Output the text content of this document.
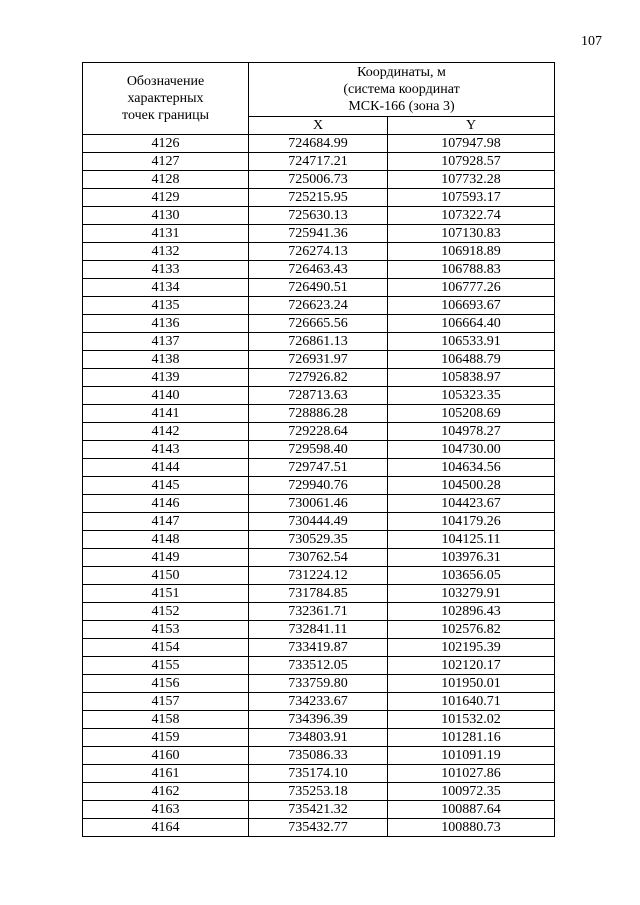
107
Обозначение
характерных
точек границы	Координаты, м
(система координат
МСК-166 (зона 3)	

	X	Y
4126	724684.99	107947.98
4127	724717.21	107928.57
4128	725006.73	107732.28
4129	725215.95	107593.17
4130	725630.13	107322.74
4131	725941.36	107130.83
4132	726274.13	106918.89
4133	726463.43	106788.83
4134	726490.51	106777.26
4135	726623.24	106693.67
4136	726665.56	106664.40
4137	726861.13	106533.91
4138	726931.97	106488.79
4139	727926.82	105838.97
4140	728713.63	105323.35
4141	728886.28	105208.69
4142	729228.64	104978.27
4143	729598.40	104730.00
4144	729747.51	104634.56
4145	729940.76	104500.28
4146	730061.46	104423.67
4147	730444.49	104179.26
4148	730529.35	104125.11
4149	730762.54	103976.31
4150	731224.12	103656.05
4151	731784.85	103279.91
4152	732361.71	102896.43
4153	732841.11	102576.82
4154	733419.87	102195.39
4155	733512.05	102120.17
4156	733759.80	101950.01
4157	734233.67	101640.71
4158	734396.39	101532.02
4159	734803.91	101281.16
4160	735086.33	101091.19
4161	735174.10	101027.86
4162	735253.18	100972.35
4163	735421.32	100887.64
4164	735432.77	100880.73
